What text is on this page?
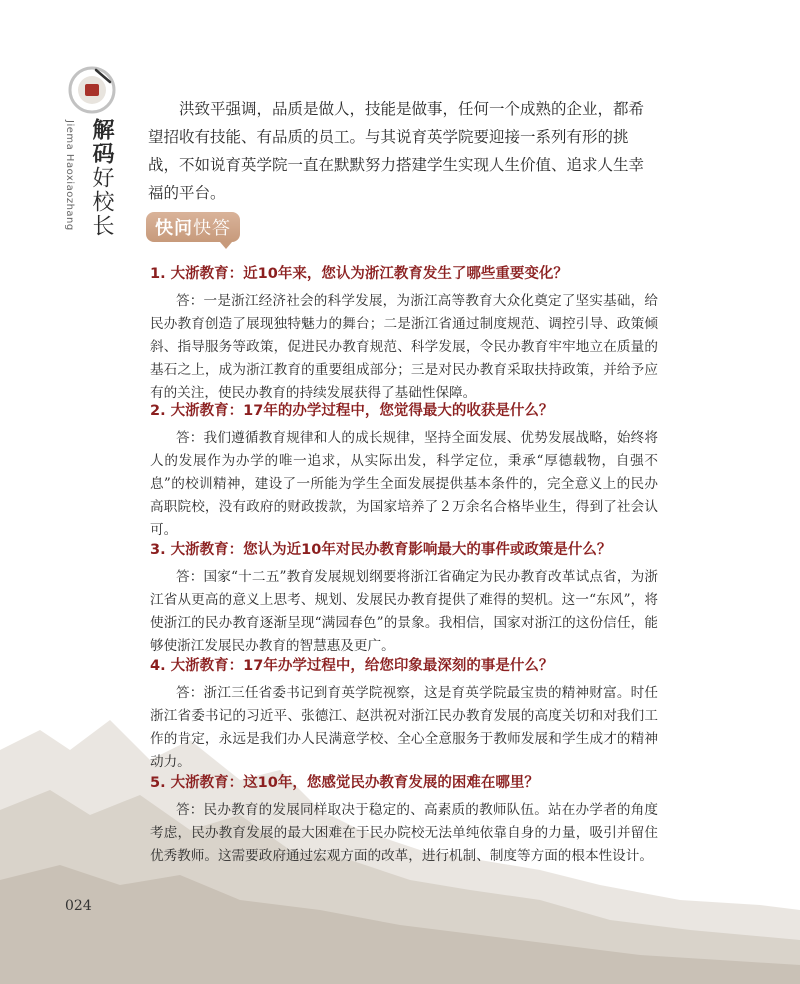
解码好校长
Jiema Haoxiaozhang

洪致平强调，品质是做人，技能是做事，任何一个成熟的企业，都希望招收有技能、有品质的员工。与其说育英学院要迎接一系列有形的挑战，不如说育英学院一直在默默努力搭建学生实现人生价值、追求人生幸福的平台。

快问 快答

1. 大浙教育：近10年来，您认为浙江教育发生了哪些重要变化？

答：一是浙江经济社会的科学发展，为浙江高等教育大众化奠定了坚实基础，给民办教育创造了展现独特魅力的舞台；二是浙江省通过制度规范、调控引导、政策倾斜、指导服务等政策，促进民办教育规范、科学发展，令民办教育牢牢地立在质量的基石之上，成为浙江教育的重要组成部分；三是对民办教育采取扶持政策，并给予应有的关注，使民办教育的持续发展获得了基础性保障。

2. 大浙教育：17年的办学过程中，您觉得最大的收获是什么？

答：我们遵循教育规律和人的成长规律，坚持全面发展、优势发展战略，始终将人的发展作为办学的唯一追求，从实际出发，科学定位，秉承“厚德载物，自强不息”的校训精神，建设了一所能为学生全面发展提供基本条件的，完全意义上的民办高职院校，没有政府的财政拨款，为国家培养了２万余名合格毕业生，得到了社会认可。

3. 大浙教育：您认为近10年对民办教育影响最大的事件或政策是什么？

答：国家“十二五”教育发展规划纲要将浙江省确定为民办教育改革试点省，为浙江省从更高的意义上思考、规划、发展民办教育提供了难得的契机。这一“东风”，将使浙江的民办教育逐渐呈现“满园春色”的景象。我相信，国家对浙江的这份信任，能够使浙江发展民办教育的智慧惠及更广。

4. 大浙教育：17年办学过程中，给您印象最深刻的事是什么？

答：浙江三任省委书记到育英学院视察，这是育英学院最宝贵的精神财富。时任浙江省委书记的习近平、张德江、赵洪祝对浙江民办教育发展的高度关切和对我们工作的肯定，永远是我们办人民满意学校、全心全意服务于教师发展和学生成才的精神动力。

5. 大浙教育：这10年，您感觉民办教育发展的困难在哪里？

答：民办教育的发展同样取决于稳定的、高素质的教师队伍。站在办学者的角度考虑，民办教育发展的最大困难在于民办院校无法单纯依靠自身的力量，吸引并留住优秀教师。这需要政府通过宏观方面的改革，进行机制、制度等方面的根本性设计。

024
